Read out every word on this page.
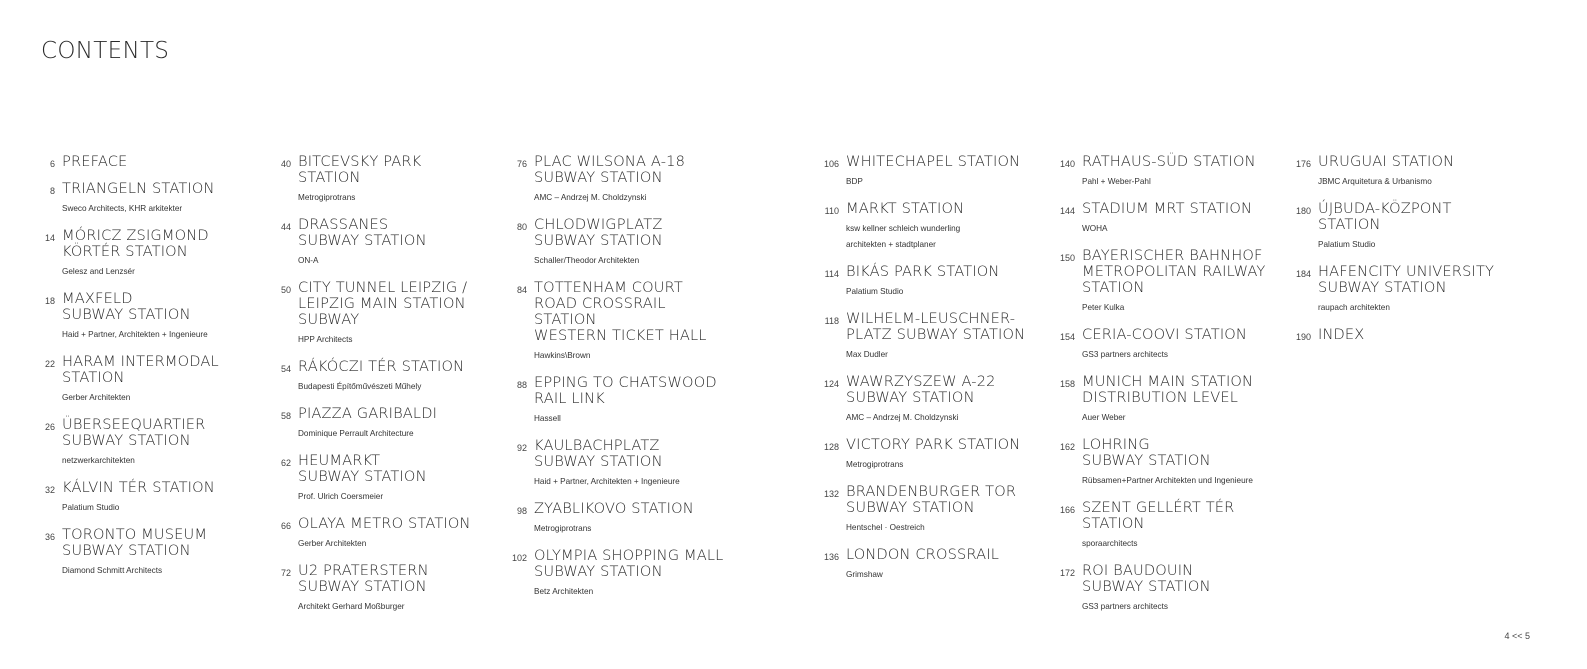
CONTENTS
6 PREFACE
8 TRIANGELN STATION
Sweco Architects, KHR arkitekter
14 MÓRICZ ZSIGMOND
KÖRTÉR STATION
Gelesz and Lenzsér
18 MAXFELD
SUBWAY STATION
Haid + Partner, Architekten + Ingenieure
22 HARAM INTERMODAL
STATION
Gerber Architekten
26 ÜBERSEEQUARTIER
SUBWAY STATION
netzwerkarchitekten
32 KÁLVIN TÉR STATION
Palatium Studio
36 TORONTO MUSEUM
SUBWAY STATION
Diamond Schmitt Architects
40 BITCEVSKY PARK
STATION
Metrogiprotrans
44 DRASSANES
SUBWAY STATION
ON-A
50 CITY TUNNEL LEIPZIG /
LEIPZIG MAIN STATION
SUBWAY
HPP Architects
54 RÁKÓCZI TÉR STATION
Budapesti Építőművészeti Műhely
58 PIAZZA GARIBALDI
Dominique Perrault Architecture
62 HEUMARKT
SUBWAY STATION
Prof. Ulrich Coersmeier
66 OLAYA METRO STATION
Gerber Architekten
72 U2 PRATERSTERN
SUBWAY STATION
Architekt Gerhard Moßburger
76 PLAC WILSONA A-18
SUBWAY STATION
AMC – Andrzej M. Choldzynski
80 CHLODWIGPLATZ
SUBWAY STATION
Schaller/Theodor Architekten
84 TOTTENHAM COURT
ROAD CROSSRAIL
STATION
WESTERN TICKET HALL
Hawkins\Brown
88 EPPING TO CHATSWOOD
RAIL LINK
Hassell
92 KAULBACHPLATZ
SUBWAY STATION
Haid + Partner, Architekten + Ingenieure
98 ZYABLIKOVO STATION
Metrogiprotrans
102 OLYMPIA SHOPPING MALL
SUBWAY STATION
Betz Architekten
106 WHITECHAPEL STATION
BDP
110 MARKT STATION
ksw kellner schleich wunderling
architekten + stadtplaner
114 BIKÁS PARK STATION
Palatium Studio
118 WILHELM-LEUSCHNER-
PLATZ SUBWAY STATION
Max Dudler
124 WAWRZYSZEW A-22
SUBWAY STATION
AMC – Andrzej M. Choldzynski
128 VICTORY PARK STATION
Metrogiprotrans
132 BRANDENBURGER TOR
SUBWAY STATION
Hentschel · Oestreich
136 LONDON CROSSRAIL
Grimshaw
140 RATHAUS-SÜD STATION
Pahl + Weber-Pahl
144 STADIUM MRT STATION
WOHA
150 BAYERISCHER BAHNHOF
METROPOLITAN RAILWAY
STATION
Peter Kulka
154 CERIA-COOVI STATION
GS3 partners architects
158 MUNICH MAIN STATION
DISTRIBUTION LEVEL
Auer Weber
162 LOHRING
SUBWAY STATION
Rübsamen+Partner Architekten und Ingenieure
166 SZENT GELLÉRT TÉR
STATION
sporaarchitects
172 ROI BAUDOUIN
SUBWAY STATION
GS3 partners architects
176 URUGUAI STATION
JBMC Arquitetura & Urbanismo
180 ÚJBUDA-KÖZPONT
STATION
Palatium Studio
184 HAFENCITY UNIVERSITY
SUBWAY STATION
raupach architekten
190 INDEX
4 << 5
